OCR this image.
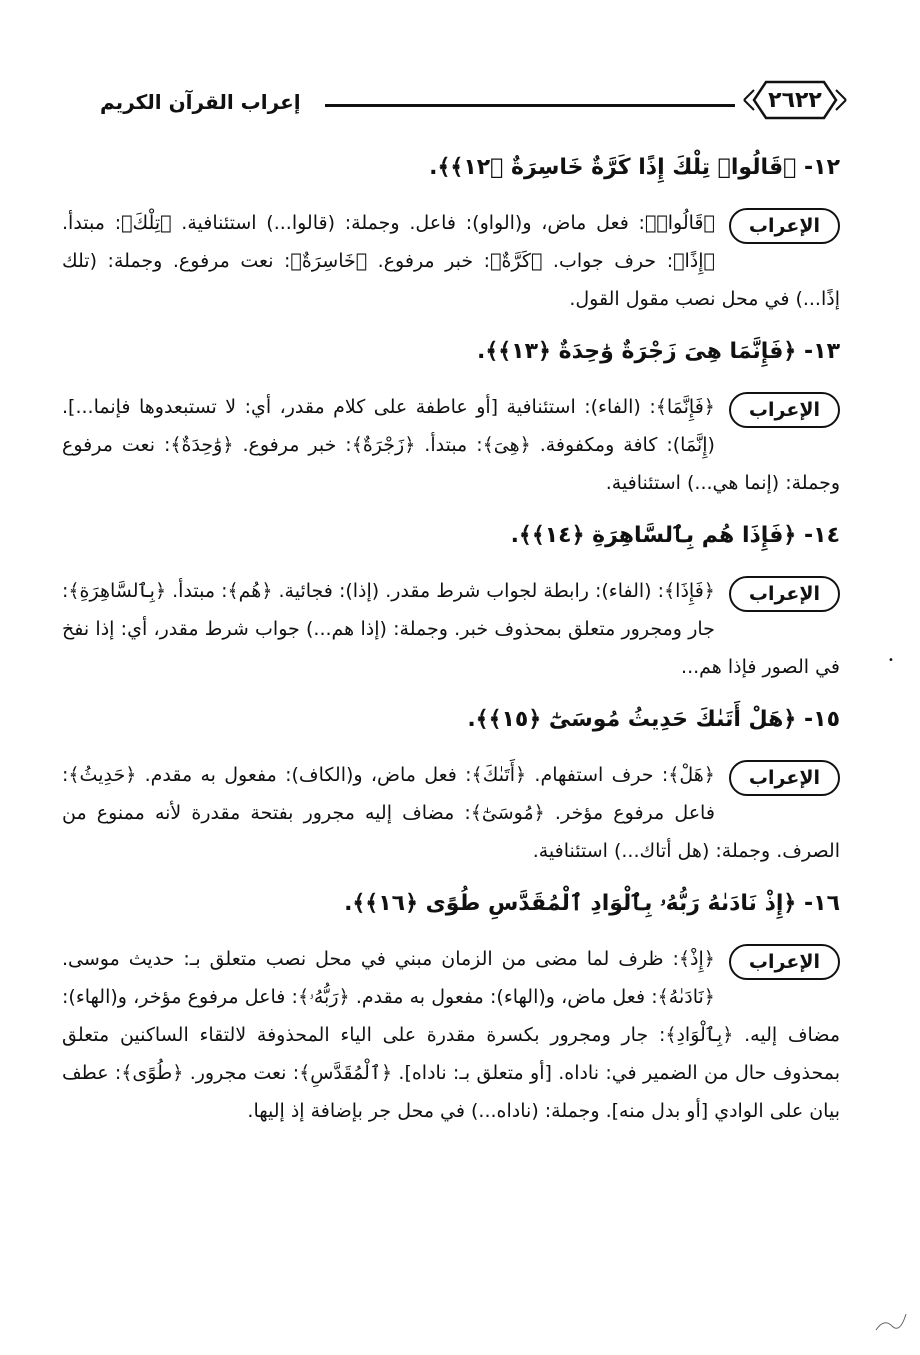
إعراب القرآن الكريم	٢٦٢٢
١٢- ﴿قَالُوا۟ تِلْكَ إِذًا كَرَّةٌ خَاسِرَةٌ ﴿١٢﴾﴾.
الإعراب
﴿قَالُوا۟﴾: فعل ماض، و(الواو): فاعل. وجملة: (قالوا...) استئنافية. ﴿تِلْكَ﴾: مبتدأ. ﴿إِذًا﴾: حرف جواب. ﴿كَرَّةٌ﴾: خبر مرفوع. ﴿خَاسِرَةٌ﴾: نعت مرفوع. وجملة: (تلك إذًا...) في محل نصب مقول القول.
١٣- ﴿فَإِنَّمَا هِىَ زَجْرَةٌ وَٰحِدَةٌ ﴿١٣﴾﴾.
الإعراب
﴿فَإِنَّمَا﴾: (الفاء): استئنافية [أو عاطفة على كلام مقدر، أي: لا تستبعدوها فإنما...]. (إِنَّمَا): كافة ومكفوفة. ﴿هِىَ﴾: مبتدأ. ﴿زَجْرَةٌ﴾: خبر مرفوع. ﴿وَٰحِدَةٌ﴾: نعت مرفوع وجملة: (إنما هي...) استئنافية.
١٤- ﴿فَإِذَا هُم بِٱلسَّاهِرَةِ ﴿١٤﴾﴾.
الإعراب
﴿فَإِذَا﴾: (الفاء): رابطة لجواب شرط مقدر. (إذا): فجائية. ﴿هُم﴾: مبتدأ. ﴿بِٱلسَّاهِرَةِ﴾: جار ومجرور متعلق بمحذوف خبر. وجملة: (إذا هم...) جواب شرط مقدر، أي: إذا نفخ في الصور فإذا هم...
١٥- ﴿هَلْ أَتَىٰكَ حَدِيثُ مُوسَىٰٓ ﴿١٥﴾﴾.
الإعراب
﴿هَلْ﴾: حرف استفهام. ﴿أَتَىٰكَ﴾: فعل ماض، و(الكاف): مفعول به مقدم. ﴿حَدِيثُ﴾: فاعل مرفوع مؤخر. ﴿مُوسَىٰٓ﴾: مضاف إليه مجرور بفتحة مقدرة لأنه ممنوع من الصرف. وجملة: (هل أتاك...) استئنافية.
١٦- ﴿إِذْ نَادَىٰهُ رَبُّهُۥ بِٱلْوَادِ ٱلْمُقَدَّسِ طُوًى ﴿١٦﴾﴾.
الإعراب
﴿إِذْ﴾: ظرف لما مضى من الزمان مبني في محل نصب متعلق بـ: حديث موسى. ﴿نَادَىٰهُ﴾: فعل ماض، و(الهاء): مفعول به مقدم. ﴿رَبُّهُۥ﴾: فاعل مرفوع مؤخر، و(الهاء): مضاف إليه. ﴿بِٱلْوَادِ﴾: جار ومجرور بكسرة مقدرة على الياء المحذوفة لالتقاء الساكنين متعلق بمحذوف حال من الضمير في: ناداه. [أو متعلق بـ: ناداه]. ﴿ٱلْمُقَدَّسِ﴾: نعت مجرور. ﴿طُوًى﴾: عطف بيان على الوادي [أو بدل منه]. وجملة: (ناداه...) في محل جر بإضافة إذ إليها.
•
